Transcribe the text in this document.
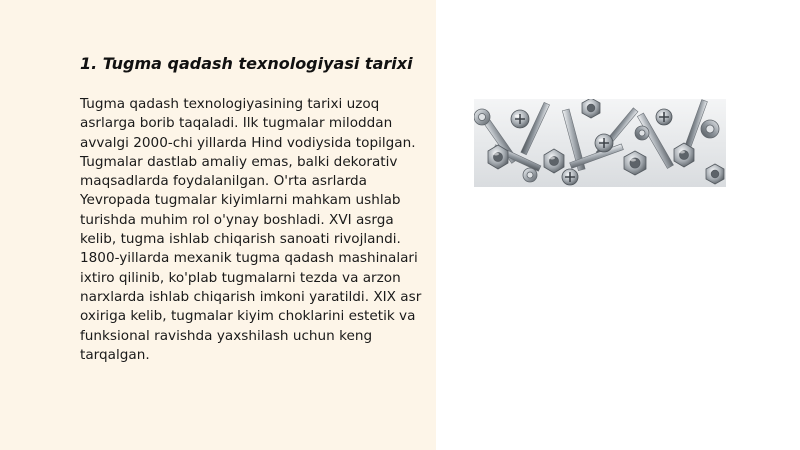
1. Tugma qadash texnologiyasi tarixi

Tugma qadash texnologiyasining tarixi uzoq asrlarga borib taqaladi. Ilk tugmalar miloddan avvalgi 2000-chi yillarda Hind vodiysida topilgan. Tugmalar dastlab amaliy emas, balki dekorativ maqsadlarda foydalanilgan. O'rta asrlarda Yevropada tugmalar kiyimlarni mahkam ushlab turishda muhim rol o'ynay boshladi. XVI asrga kelib, tugma ishlab chiqarish sanoati rivojlandi. 1800-yillarda mexanik tugma qadash mashinalari ixtiro qilinib, ko'plab tugmalarni tezda va arzon narxlarda ishlab chiqarish imkoni yaratildi. XIX asr oxiriga kelib, tugmalar kiyim choklarini estetik va funksional ravishda yaxshilash uchun keng tarqalgan.
